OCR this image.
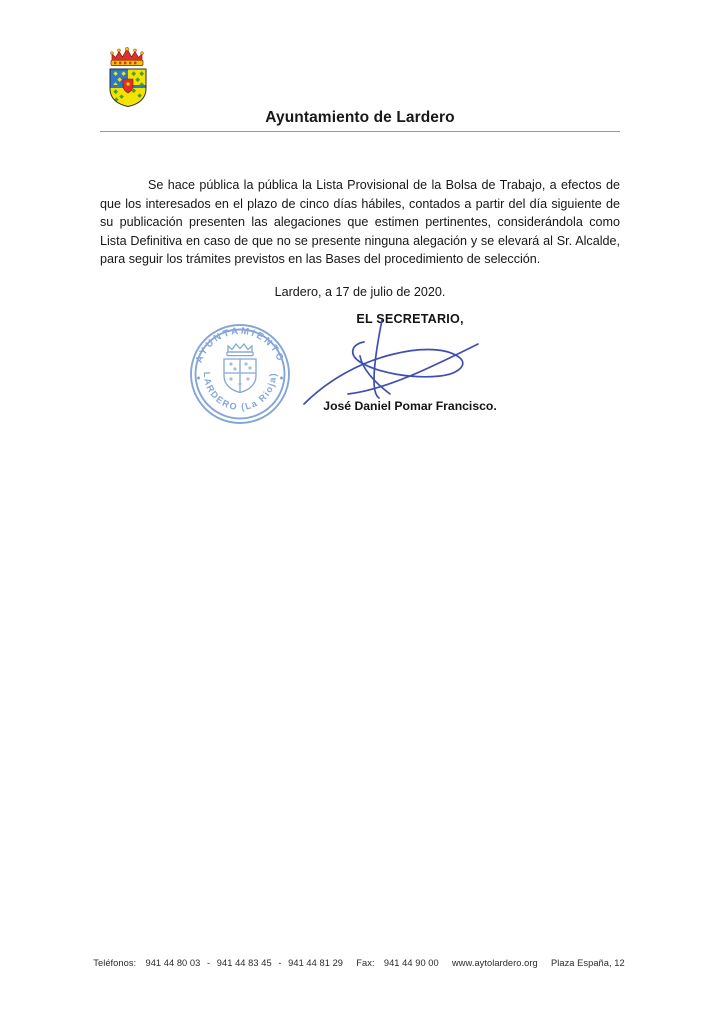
Ayuntamiento de Lardero

Se hace pública la pública la Lista Provisional de la Bolsa de Trabajo, a efectos de que los interesados en el plazo de cinco días hábiles, contados a partir del día siguiente de su publicación presenten las alegaciones que estimen pertinentes, considerándola como Lista Definitiva en caso de que no se presente ninguna alegación y se elevará al Sr. Alcalde, para seguir los trámites previstos en las Bases del procedimiento de selección.

Lardero, a 17 de julio de 2020.
EL SECRETARIO,
AYUNTAMIENTO
LARDERO (La Rioja)
José Daniel Pomar Francisco.
Teléfonos: 941 44 80 03 - 941 44 83 45 - 941 44 81 29 Fax: 941 44 90 00 www.aytolardero.org Plaza España, 12
